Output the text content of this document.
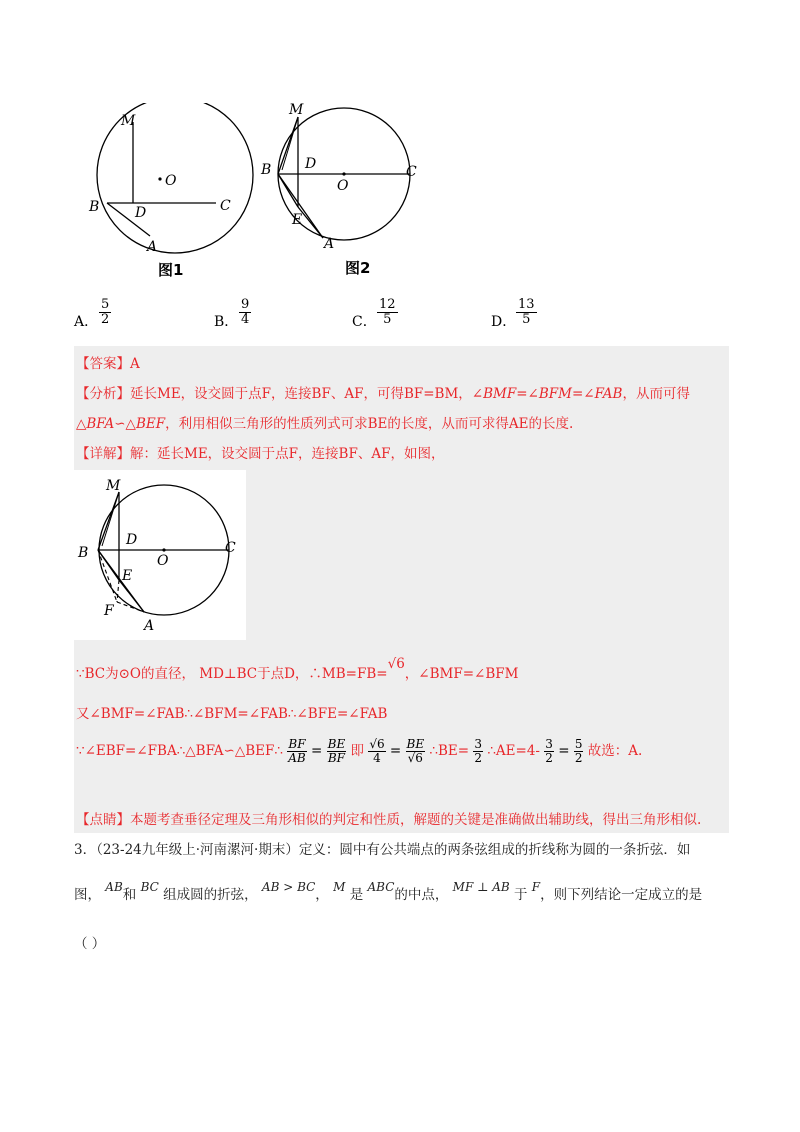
M
O
B	D	C
A
图1
M
B D
O
C
E
A
图2
A． $\frac{5}{2}$	B． $\frac{9}{4}$	C． $\frac{12}{5}$	D． $\frac{13}{5}$
【答案】A
【分析】延长ME，设交圆于点F，连接BF、AF，可得BF=BM，∠BMF=∠BFM=∠FAB，从而可得
△BFA∽△BEF，利用相似三角形的性质列式可求BE的长度，从而可求得AE的长度.
【详解】解：延长ME，设交圆于点F，连接BF、AF，如图，
M
B
D
O
C
E
F
A
∵BC为⊙O的直径， MD⊥BC于点D，∴MB=FB=√6，∠BMF=∠BFM
又∠BMF=∠FAB∴∠BFM=∠FAB∴∠BFE=∠FAB
∵∠EBF=∠FBA∴△BFA∽△BEF∴ $\frac{BF}{AB} = \frac{BE}{BF}$ 即 $\frac{√6}{4} = \frac{BE}{√6}$ ∴BE= $\frac{3}{2}$ ∴AE=4- $\frac{3}{2} = \frac{5}{2}$ 故选：A.
【点睛】本题考查垂径定理及三角形相似的判定和性质，解题的关键是准确做出辅助线，得出三角形相似.
3．（23-24九年级上·河南漯河·期末）定义：圆中有公共端点的两条弦组成的折线称为圆的一条折弦．如
图， AB和 BC 组成圆的折弦， AB > BC， M 是 ABC的中点， MF ⊥ AB 于 F，则下列结论一定成立的是
（ ）
